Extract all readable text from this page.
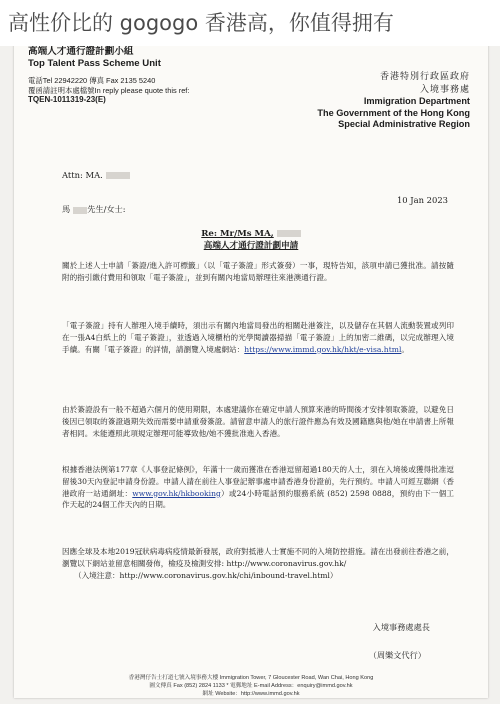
高性价比的 gogogo 香港高，你值得拥有
高端人才通行證計劃小組
Top Talent Pass Scheme Unit
電話Tel 22942220 傳真 Fax 2135 5240
覆函請註明本處檔號In reply please quote this ref:
TQEN-1011319-23(E)
香港特別行政區政府
入境事務處
Immigration Department
The Government of the Hong Kong
Special Administrative Region
Attn: MA.
10 Jan 2023
馬 先生/女士:
Re: Mr/Ms MA,
高端人才通行證計劃申請
關於上述人士申請「簽證/進入許可標籤」（以「電子簽證」形式簽發）一事，現特告知，該項申請已獲批准。請按隨附的指引繳付費用和領取「電子簽證」，並到有關內地當局辦理往來港澳通行證。
「電子簽證」持有人辦理入境手續時，須出示有關內地當局發出的相關赴港簽注，以及儲存在其個人流動裝置或列印在一張A4白紙上的「電子簽證」，並透過入境櫃枱的光學閱讀器掃描「電子簽證」上的加密二維碼，以完成辦理入境手續。有關「電子簽證」的詳情，請瀏覽入境處網站：https://www.immd.gov.hk/hkt/e-visa.html。
由於簽證設有一般不超過六個月的使用期限，本處建議你在確定申請人預算來港的時間後才安排領取簽證，以避免日後因已領取的簽證過期失效而需要申請重發簽證。請留意申請人的旅行證件應為有效及國籍應與他/她在申請書上所報者相同。未能遵照此項規定辦理可能導致他/她不獲批准進入香港。
根據香港法例第177章《人事登記條例》，年滿十一歲而獲准在香港逗留超過180天的人士，須在入境後或獲得批准逗留後30天內登記申請身份證。申請人請在前往人事登記辦事處申請香港身份證前，先行預約。申請人可經互聯網（香港政府一站通網址：www.gov.hk/hkbooking）或24小時電話預約服務系統 (852) 2598 0888，預約由下一個工作天起的24個工作天內的日期。
因應全球及本地2019冠狀病毒病疫情最新發展，政府對抵港人士實施不同的入境防控措施。請在出發前往香港之前，瀏覽以下網站並留意相關發佈，檢疫及檢測安排: http://www.coronavirus.gov.hk/
（入境注意：http://www.coronavirus.gov.hk/chi/inbound-travel.html）
入境事務處處長
（周樂文代行）
香港灣仔告士打道七號入境事務大樓 Immigration Tower, 7 Gloucester Road, Wan Chai, Hong Kong
圖文傳真 Fax (852) 2824 1133 * 電郵地址 E-mail Address：enquiry@immd.gov.hk
網址 Website：http://www.immd.gov.hk
